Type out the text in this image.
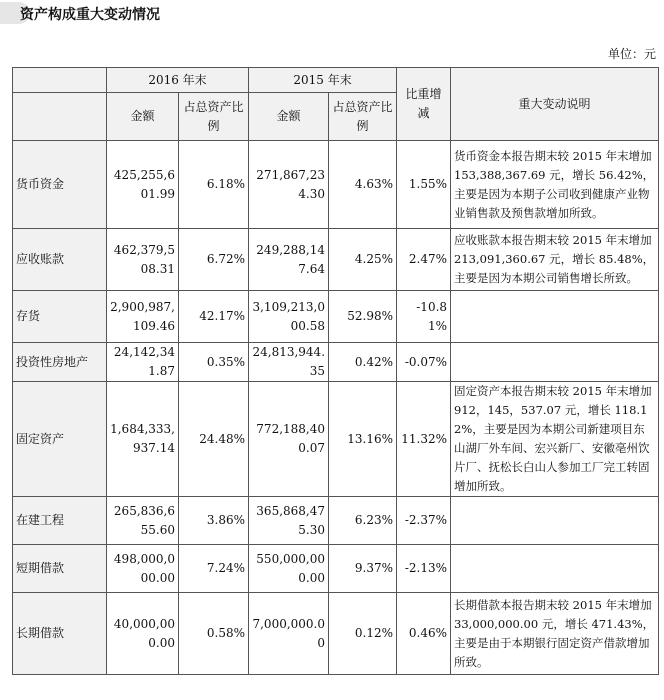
资产构成重大变动情况
单位：元
	2016 年末		2015 年末		比重增减	重大变动说明
	金额	占总资产比例	金额	占总资产比例		
货币资金	425,255,601.99	6.18%	271,867,234.30	4.63%	1.55%	货币资金本报告期末较 2015 年末增加 153,388,367.69 元，增长 56.42%，主要是因为本期子公司收到健康产业物业销售款及预售款增加所致。
应收账款	462,379,508.31	6.72%	249,288,147.64	4.25%	2.47%	应收账款本报告期末较 2015 年末增加 213,091,360.67 元，增长 85.48%，主要是因为本期公司销售增长所致。
存货	2,900,987,109.46	42.17%	3,109,213,000.58	52.98%	-10.81%	
投资性房地产	24,142,341.87	0.35%	24,813,944.35	0.42%	-0.07%	
固定资产	1,684,333,937.14	24.48%	772,188,400.07	13.16%	11.32%	固定资产本报告期末较 2015 年末增加 912，145，537.07 元，增长 118.12%，主要是因为本期公司新建项目东山湖厂外车间、宏兴新厂、安徽亳州饮片厂、抚松长白山人参加工厂完工转固增加所致。
在建工程	265,836,655.60	3.86%	365,868,475.30	6.23%	-2.37%	
短期借款	498,000,000.00	7.24%	550,000,000.00	9.37%	-2.13%	
长期借款	40,000,000.00	0.58%	7,000,000.00	0.12%	0.46%	长期借款本报告期末较 2015 年末增加 33,000,000.00 元，增长 471.43%，主要是由于本期银行固定资产借款增加所致。
